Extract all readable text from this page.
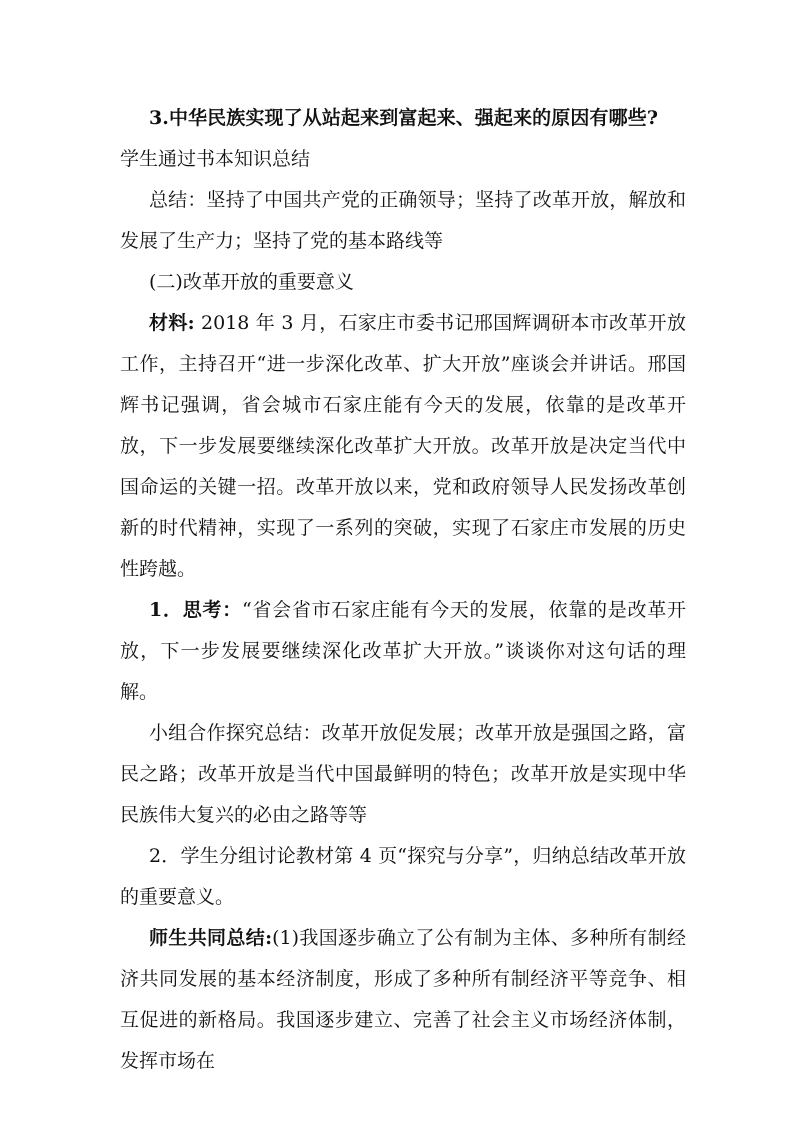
3.中华民族实现了从站起来到富起来、强起来的原因有哪些?学生通过书本知识总结

总结：坚持了中国共产党的正确领导；坚持了改革开放，解放和发展了生产力；坚持了党的基本路线等

(二)改革开放的重要意义

材料: 2018 年 3 月，石家庄市委书记邢国辉调研本市改革开放工作，主持召开“进一步深化改革、扩大开放”座谈会并讲话。邢国辉书记强调，省会城市石家庄能有今天的发展，依靠的是改革开放，下一步发展要继续深化改革扩大开放。改革开放是决定当代中国命运的关键一招。改革开放以来，党和政府领导人民发扬改革创新的时代精神，实现了一系列的突破，实现了石家庄市发展的历史性跨越。

1．思考：“省会省市石家庄能有今天的发展，依靠的是改革开放，下一步发展要继续深化改革扩大开放。”谈谈你对这句话的理解。

小组合作探究总结：改革开放促发展；改革开放是强国之路，富民之路；改革开放是当代中国最鲜明的特色；改革开放是实现中华民族伟大复兴的必由之路等等

2．学生分组讨论教材第 4 页“探究与分享”，归纳总结改革开放的重要意义。

师生共同总结:(1)我国逐步确立了公有制为主体、多种所有制经济共同发展的基本经济制度，形成了多种所有制经济平等竞争、相互促进的新格局。我国逐步建立、完善了社会主义市场经济体制，发挥市场在
